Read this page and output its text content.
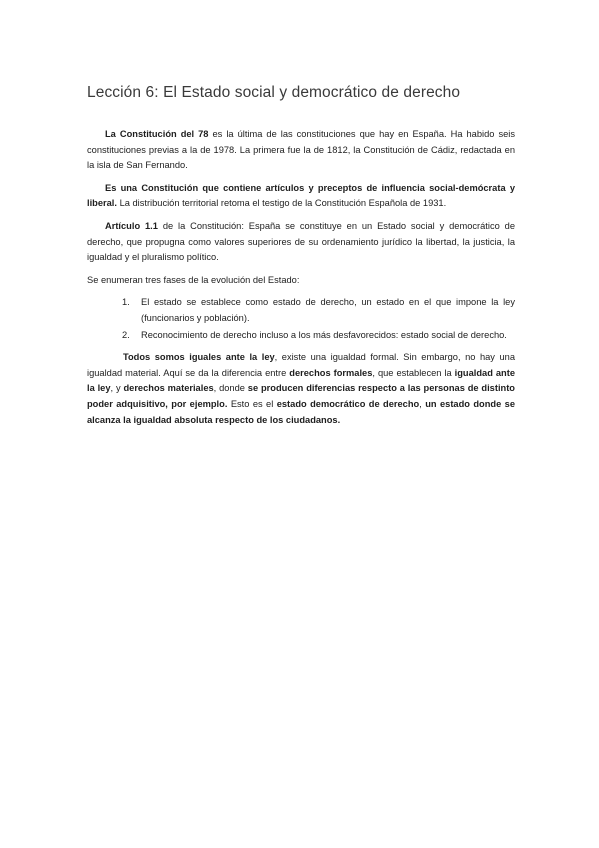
Lección 6: El Estado social y democrático de derecho

La Constitución del 78 es la última de las constituciones que hay en España. Ha habido seis constituciones previas a la de 1978. La primera fue la de 1812, la Constitución de Cádiz, redactada en la isla de San Fernando.

Es una Constitución que contiene artículos y preceptos de influencia social-demócrata y liberal. La distribución territorial retoma el testigo de la Constitución Española de 1931.

Artículo 1.1 de la Constitución: España se constituye en un Estado social y democrático de derecho, que propugna como valores superiores de su ordenamiento jurídico la libertad, la justicia, la igualdad y el pluralismo político.

Se enumeran tres fases de la evolución del Estado:

1. El estado se establece como estado de derecho, un estado en el que impone la ley (funcionarios y población).
2. Reconocimiento de derecho incluso a los más desfavorecidos: estado social de derecho.

Todos somos iguales ante la ley, existe una igualdad formal. Sin embargo, no hay una igualdad material. Aquí se da la diferencia entre derechos formales, que establecen la igualdad ante la ley, y derechos materiales, donde se producen diferencias respecto a las personas de distinto poder adquisitivo, por ejemplo. Esto es el estado democrático de derecho, un estado donde se alcanza la igualdad absoluta respecto de los ciudadanos.
